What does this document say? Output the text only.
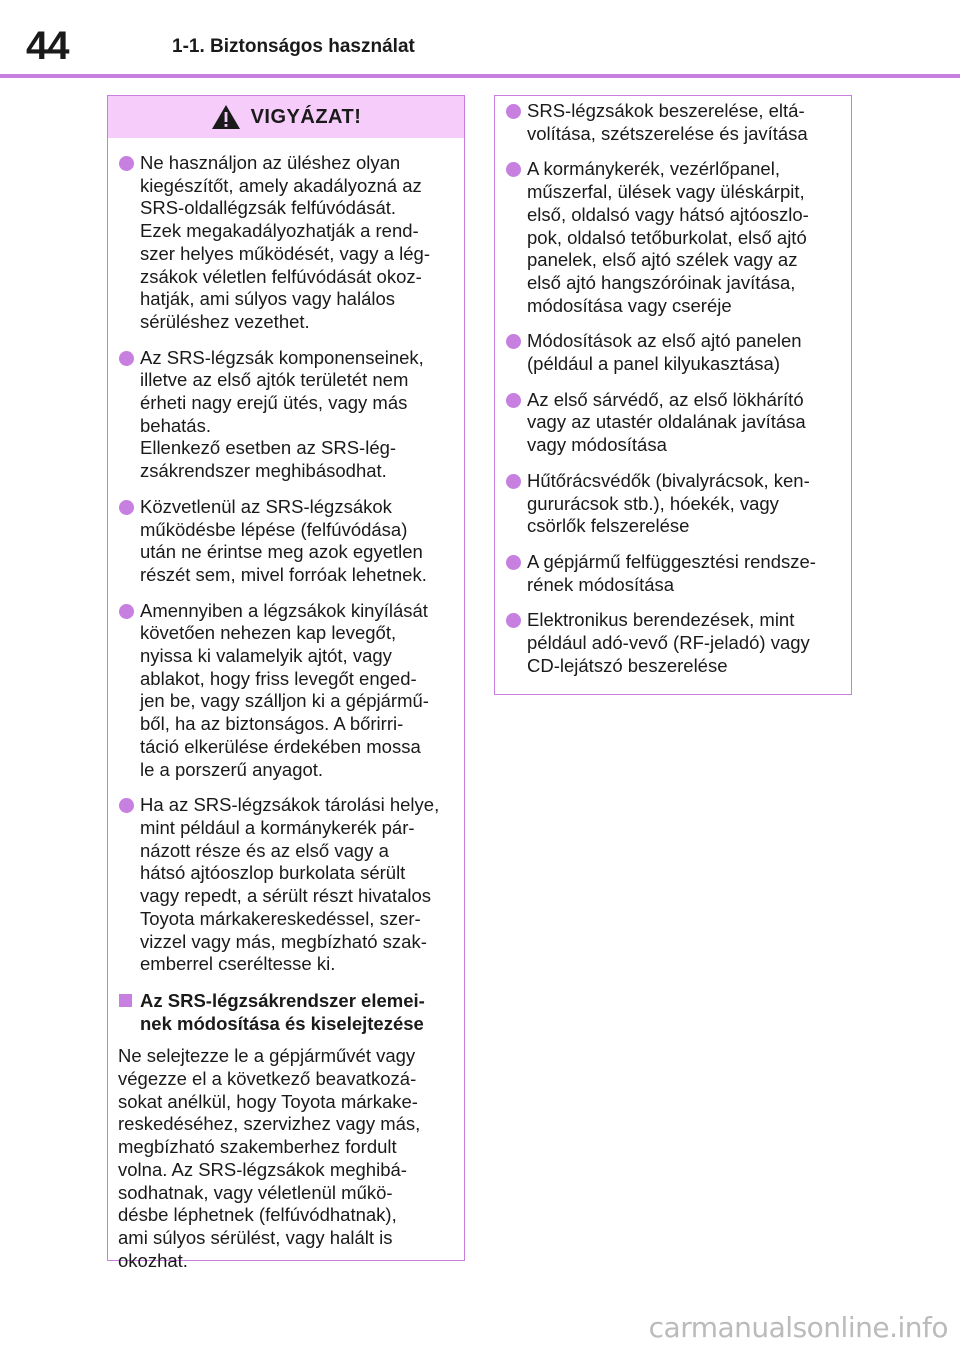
44	1-1. Biztonságos használat
VIGYÁZAT!
Ne használjon az üléshez olyan
kiegészítőt, amely akadályozná az
SRS-oldallégzsák felfúvódását.
Ezek megakadályozhatják a rend-
szer helyes működését, vagy a lég-
zsákok véletlen felfúvódását okoz-
hatják, ami súlyos vagy halálos
sérüléshez vezethet.
Az SRS-légzsák komponenseinek,
illetve az első ajtók területét nem
érheti nagy erejű ütés, vagy más
behatás.
Ellenkező esetben az SRS-lég-
zsákrendszer meghibásodhat.
Közvetlenül az SRS-légzsákok
működésbe lépése (felfúvódása)
után ne érintse meg azok egyetlen
részét sem, mivel forróak lehetnek.
Amennyiben a légzsákok kinyílását
követően nehezen kap levegőt,
nyissa ki valamelyik ajtót, vagy
ablakot, hogy friss levegőt enged-
jen be, vagy szálljon ki a gépjármű-
ből, ha az biztonságos. A bőrirri-
táció elkerülése érdekében mossa
le a porszerű anyagot.
Ha az SRS-légzsákok tárolási helye,
mint például a kormánykerék pár-
názott része és az első vagy a
hátsó ajtóoszlop burkolata sérült
vagy repedt, a sérült részt hivatalos
Toyota márkakereskedéssel, szer-
vizzel vagy más, megbízható szak-
emberrel cseréltesse ki.
Az SRS-légzsákrendszer elemei-
nek módosítása és kiselejtezése
Ne selejtezze le a gépjárművét vagy
végezze el a következő beavatkozá-
sokat anélkül, hogy Toyota márkake-
reskedéséhez, szervizhez vagy más,
megbízható szakemberhez fordult
volna. Az SRS-légzsákok meghibá-
sodhatnak, vagy véletlenül műkö-
désbe léphetnek (felfúvódhatnak),
ami súlyos sérülést, vagy halált is
okozhat.
SRS-légzsákok beszerelése, eltá-
volítása, szétszerelése és javítása
A kormánykerék, vezérlőpanel,
műszerfal, ülések vagy üléskárpit,
első, oldalsó vagy hátsó ajtóoszlo-
pok, oldalsó tetőburkolat, első ajtó
panelek, első ajtó szélek vagy az
első ajtó hangszóróinak javítása,
módosítása vagy cseréje
Módosítások az első ajtó panelen
(például a panel kilyukasztása)
Az első sárvédő, az első lökhárító
vagy az utastér oldalának javítása
vagy módosítása
Hűtőrácsvédők (bivalyrácsok, ken-
gururácsok stb.), hóekék, vagy
csörlők felszerelése
A gépjármű felfüggesztési rendsze-
rének módosítása
Elektronikus berendezések, mint
például adó-vevő (RF-jeladó) vagy
CD-lejátszó beszerelése
carmanualsonline.info
